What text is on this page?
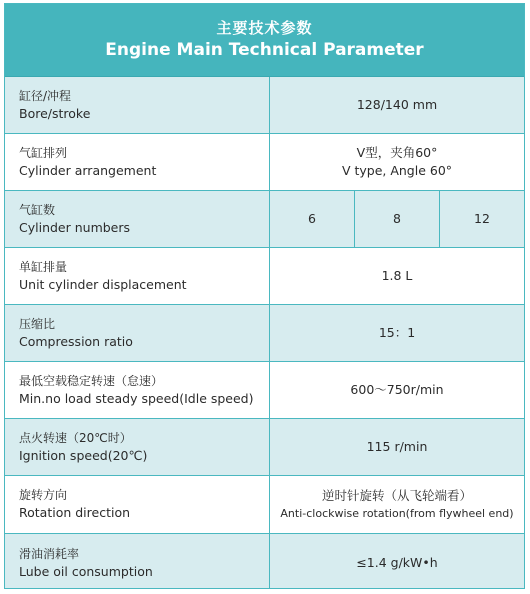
主要技术参数
Engine Main Technical Parameter
缸径/冲程
Bore/stroke
128/140 mm
气缸排列
Cylinder arrangement
V型，夹角60°
V type, Angle 60°
气缸数
Cylinder numbers
6	8	12
单缸排量
Unit cylinder displacement
1.8 L
压缩比
Compression ratio
15：1
最低空载稳定转速（怠速）
Min.no load steady speed(Idle speed)
600～750r/min
点火转速（20℃时）
Ignition speed(20℃)
115 r/min
旋转方向
Rotation direction
逆时针旋转（从飞轮端看）
Anti-clockwise rotation(from flywheel end)
滑油消耗率
Lube oil consumption
≤1.4 g/kW•h
